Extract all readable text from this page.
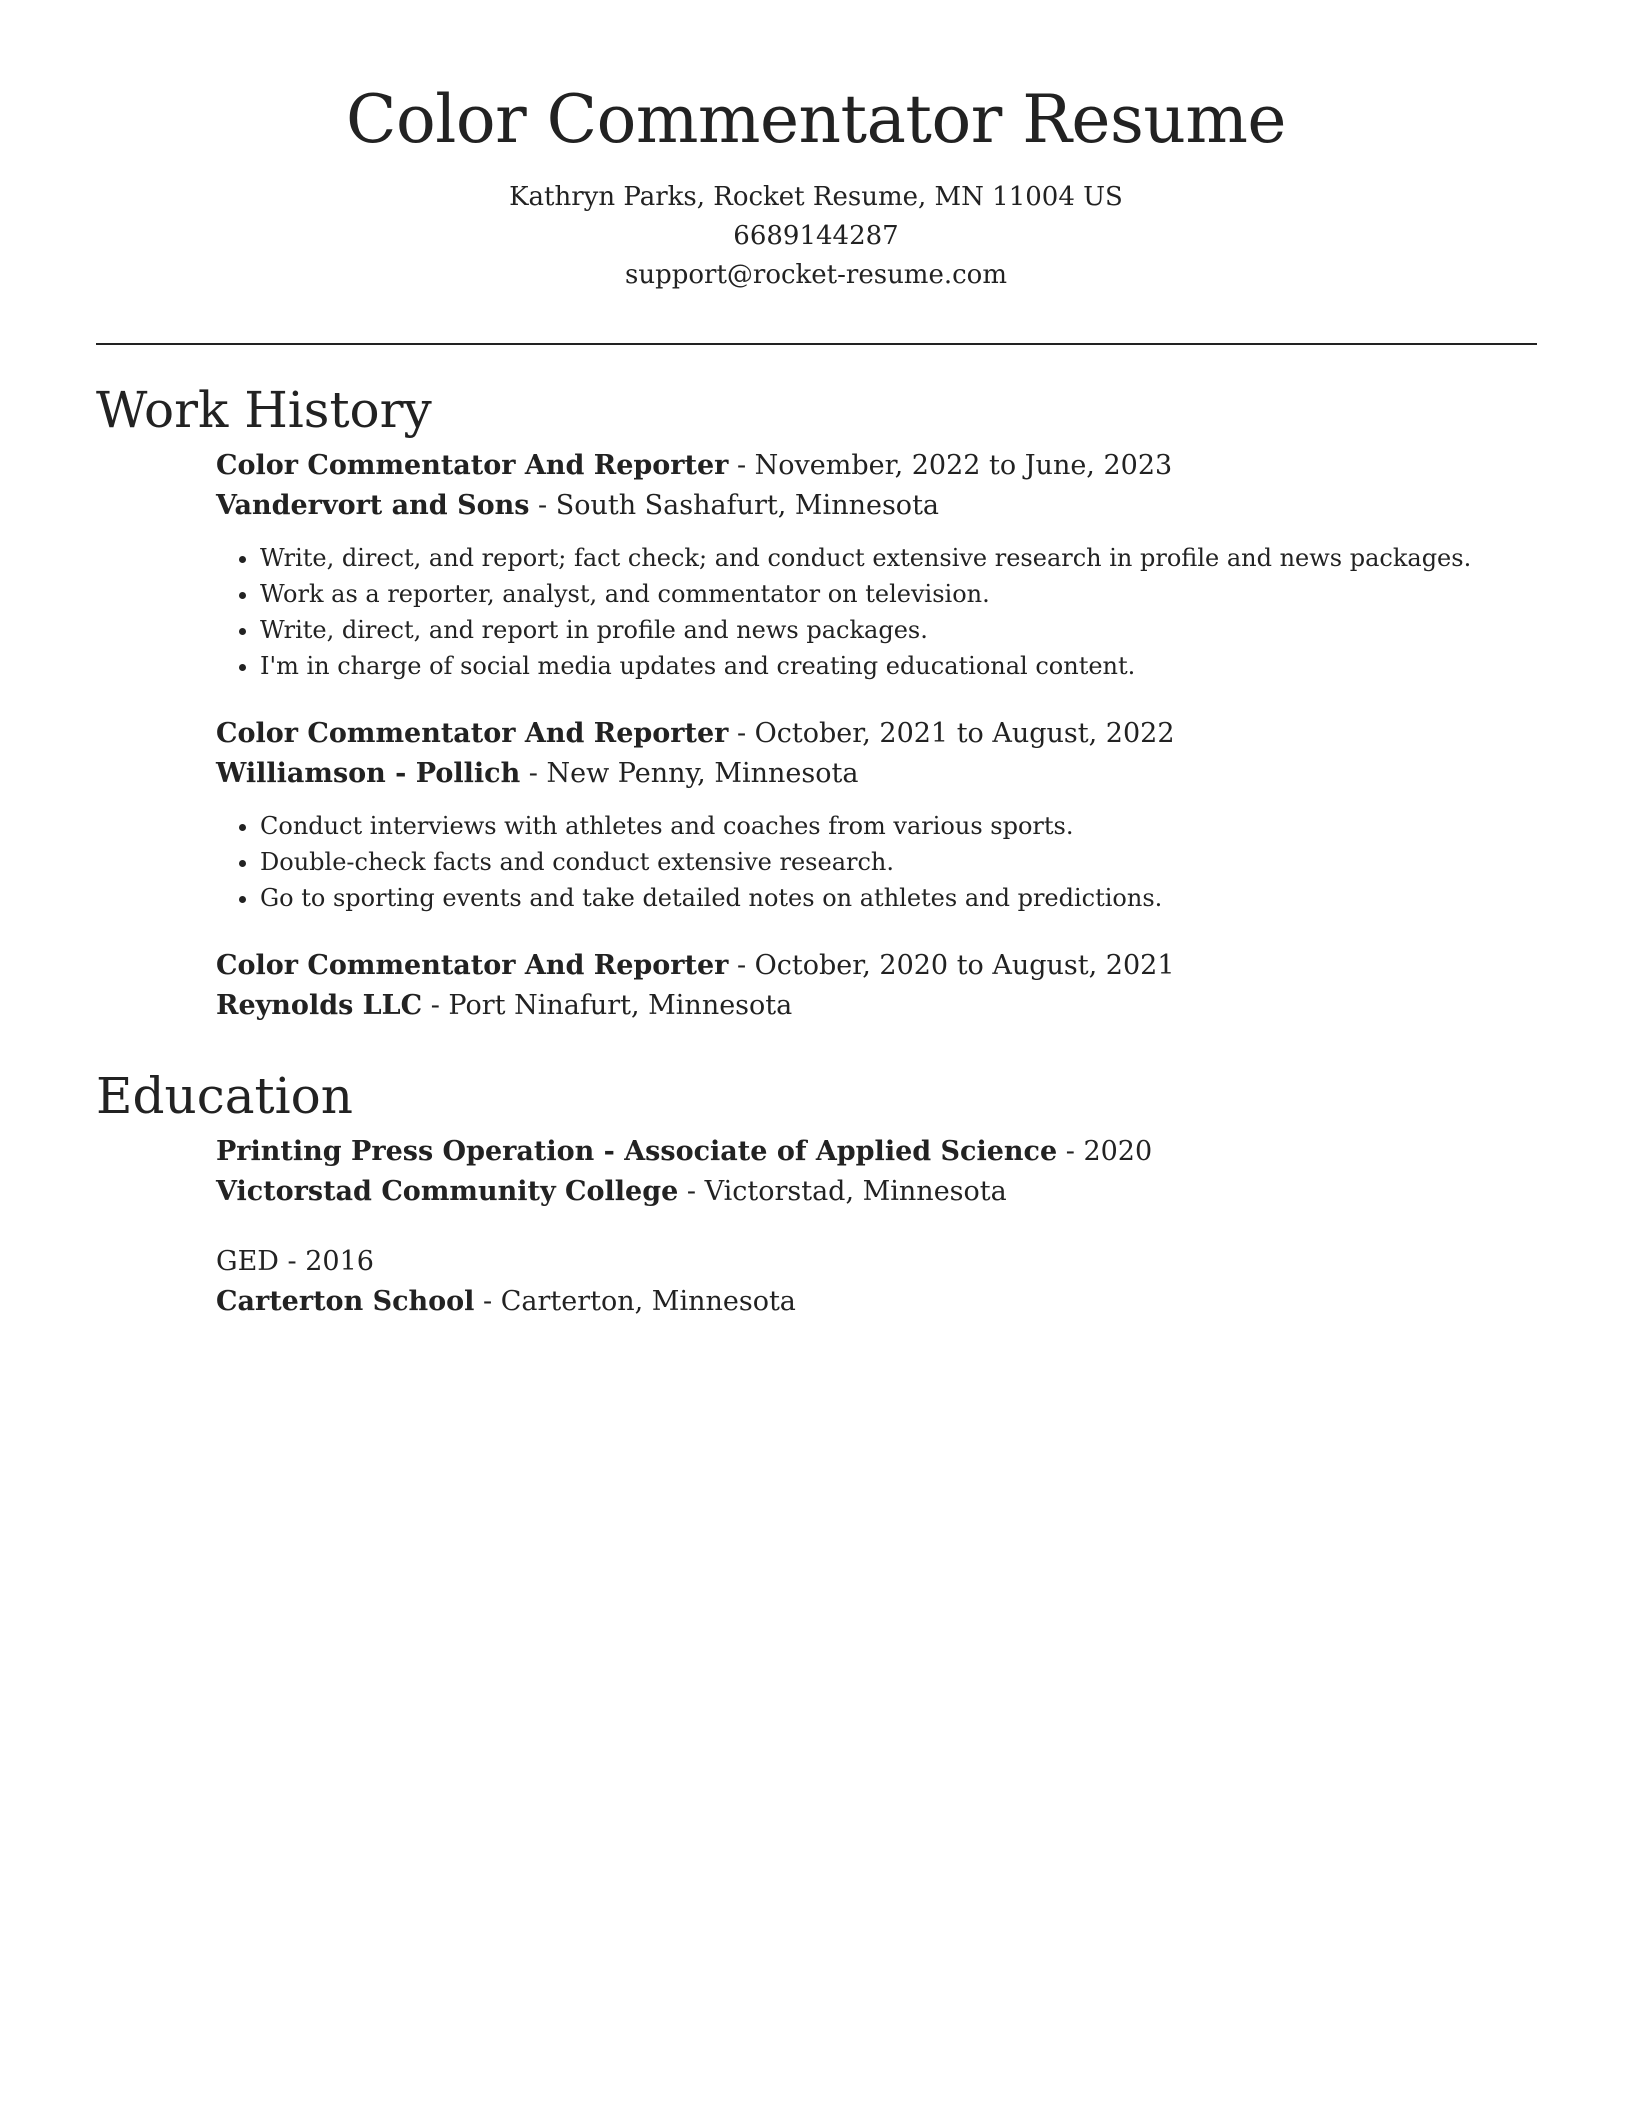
Color Commentator Resume
Kathryn Parks, Rocket Resume, MN 11004 US
6689144287
support@rocket-resume.com
Work History
Color Commentator And Reporter - November, 2022 to June, 2023
Vandervort and Sons - South Sashafurt, Minnesota
• Write, direct, and report; fact check; and conduct extensive research in profile and news packages.
• Work as a reporter, analyst, and commentator on television.
• Write, direct, and report in profile and news packages.
• I'm in charge of social media updates and creating educational content.
Color Commentator And Reporter - October, 2021 to August, 2022
Williamson - Pollich - New Penny, Minnesota
• Conduct interviews with athletes and coaches from various sports.
• Double-check facts and conduct extensive research.
• Go to sporting events and take detailed notes on athletes and predictions.
Color Commentator And Reporter - October, 2020 to August, 2021
Reynolds LLC - Port Ninafurt, Minnesota
Education
Printing Press Operation - Associate of Applied Science - 2020
Victorstad Community College - Victorstad, Minnesota
GED - 2016
Carterton School - Carterton, Minnesota
